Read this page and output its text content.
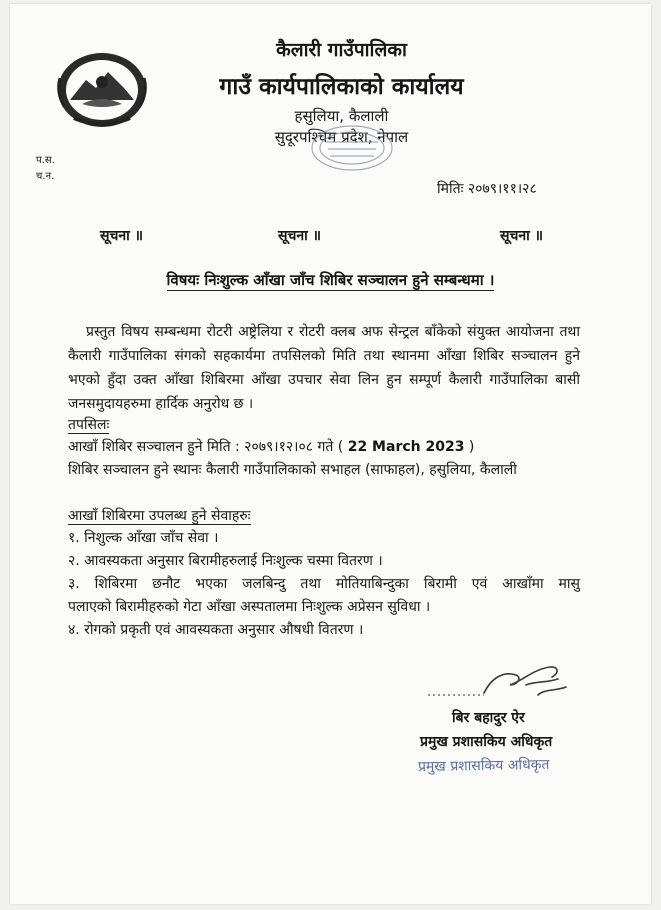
कैलारी गाउँपालिका
गाउँ कार्यपालिकाको कार्यालय
हसुलिया, कैलाली
सुदूरपश्चिम प्रदेश, नेपाल
प.स.
च.न.
मितिः २०७९।११।२८
सूचना ॥	सूचना ॥	सूचना ॥
विषयः निःशुल्क आँखा जाँच शिबिर सञ्चालन हुने सम्बन्धमा ।
प्रस्तुत विषय सम्बन्धमा रोटरी अष्ट्रेलिया र रोटरी क्लब अफ सेन्ट्रल बाँकेको संयुक्त आयोजना तथा कैलारी गाउँपालिका संगको सहकार्यमा तपसिलको मिति तथा स्थानमा आँखा शिबिर सञ्चालन हुने भएको हुँदा उक्त आँखा शिबिरमा आँखा उपचार सेवा लिन हुन सम्पूर्ण कैलारी गाउँपालिका बासी जनसमुदायहरुमा हार्दिक अनुरोध छ ।
तपसिलः
आखाँ शिबिर सञ्चालन हुने मिति : २०७९।१२।०८ गते ( 22 March 2023 )
शिबिर सञ्चालन हुने स्थानः कैलारी गाउँपालिकाको सभाहल (साफाहल), हसुलिया, कैलाली
आखाँ शिबिरमा उपलब्ध हुने सेवाहरुः
१. निशुल्क आँखा जाँच सेवा ।
२. आवस्यकता अनुसार बिरामीहरुलाई निःशुल्क चस्मा वितरण ।
३. शिबिरमा छनौट भएका जलबिन्दु तथा मोतियाबिन्दुका बिरामी एवं आखाँमा मासु
पलाएको बिरामीहरुको गेटा आँखा अस्पतालमा निःशुल्क अप्रेसन सुविधा ।
४. रोगको प्रकृती एवं आवस्यकता अनुसार औषधी वितरण ।
बिर बहादुर ऐर
प्रमुख प्रशासकिय अधिकृत
प्रमुख प्रशासकिय अधिकृत
